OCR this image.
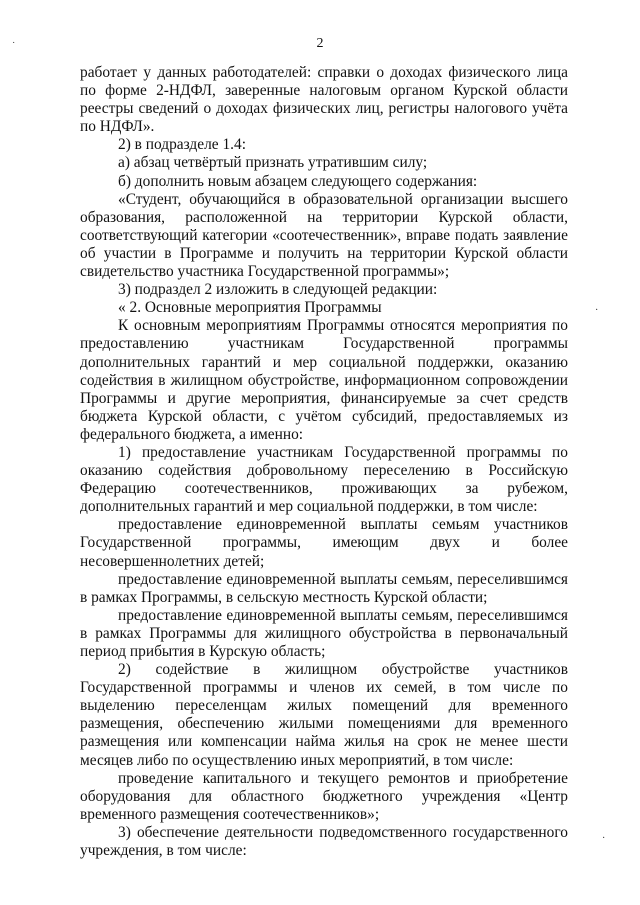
2

работает у данных работодателей: справки о доходах физического лица по форме 2-НДФЛ, заверенные налоговым органом Курской области реестры сведений о доходах физических лиц, регистры налогового учёта по НДФЛ».

2) в подразделе 1.4:

а) абзац четвёртый признать утратившим силу;

б) дополнить новым абзацем следующего содержания:

«Студент, обучающийся в образовательной организации высшего образования, расположенной на территории Курской области, соответствующий категории «соотечественник», вправе подать заявление об участии в Программе и получить на территории Курской области свидетельство участника Государственной программы»;

3) подраздел 2 изложить в следующей редакции:

« 2. Основные мероприятия Программы

К основным мероприятиям Программы относятся мероприятия по предоставлению участникам Государственной программы дополнительных гарантий и мер социальной поддержки, оказанию содействия в жилищном обустройстве, информационном сопровождении Программы и другие мероприятия, финансируемые за счет средств бюджета Курской области, с учётом субсидий, предоставляемых из федерального бюджета, а именно:

1) предоставление участникам Государственной программы по оказанию содействия добровольному переселению в Российскую Федерацию соотечественников, проживающих за рубежом, дополнительных гарантий и мер социальной поддержки, в том числе:

предоставление единовременной выплаты семьям участников Государственной программы, имеющим двух и более несовершеннолетних детей;

предоставление единовременной выплаты семьям, переселившимся в рамках Программы, в сельскую местность Курской области;

предоставление единовременной выплаты семьям, переселившимся в рамках Программы для жилищного обустройства в первоначальный период прибытия в Курскую область;

2) содействие в жилищном обустройстве участников Государственной программы и членов их семей, в том числе по выделению переселенцам жилых помещений для временного размещения, обеспечению жилыми помещениями для временного размещения или компенсации найма жилья на срок не менее шести месяцев либо по осуществлению иных мероприятий, в том числе:

проведение капитального и текущего ремонтов и приобретение оборудования для областного бюджетного учреждения «Центр временного размещения соотечественников»;

3) обеспечение деятельности подведомственного государственного учреждения, в том числе:

˙
·
·
